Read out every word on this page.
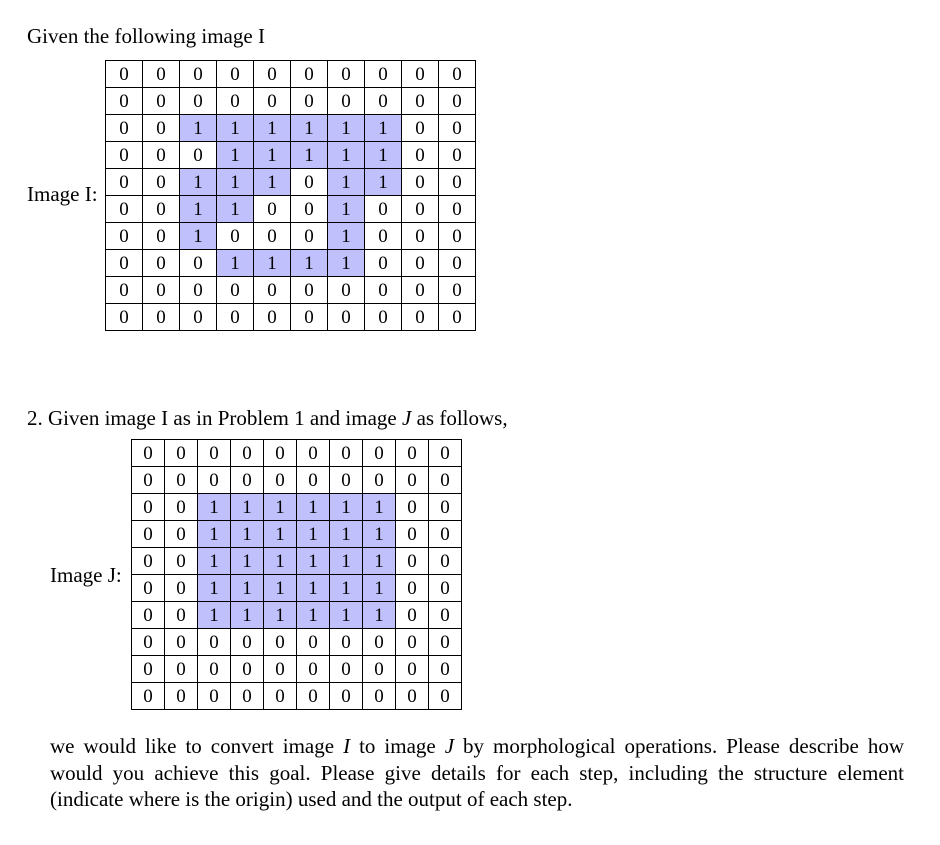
Given the following image I
Image I:
0	0	0	0	0	0	0	0	0	0
0	0	0	0	0	0	0	0	0	0
0	0	1	1	1	1	1	1	0	0
0	0	0	1	1	1	1	1	0	0
0	0	1	1	1	0	1	1	0	0
0	0	1	1	0	0	1	0	0	0
0	0	1	0	0	0	1	0	0	0
0	0	0	1	1	1	1	0	0	0
0	0	0	0	0	0	0	0	0	0
0	0	0	0	0	0	0	0	0	0
2. Given image I as in Problem 1 and image J as follows,
Image J:
0	0	0	0	0	0	0	0	0	0
0	0	0	0	0	0	0	0	0	0
0	0	1	1	1	1	1	1	0	0
0	0	1	1	1	1	1	1	0	0
0	0	1	1	1	1	1	1	0	0
0	0	1	1	1	1	1	1	0	0
0	0	1	1	1	1	1	1	0	0
0	0	0	0	0	0	0	0	0	0
0	0	0	0	0	0	0	0	0	0
0	0	0	0	0	0	0	0	0	0
we would like to convert image I to image J by morphological operations. Please describe how would you achieve this goal. Please give details for each step, including the structure element (indicate where is the origin) used and the output of each step.
